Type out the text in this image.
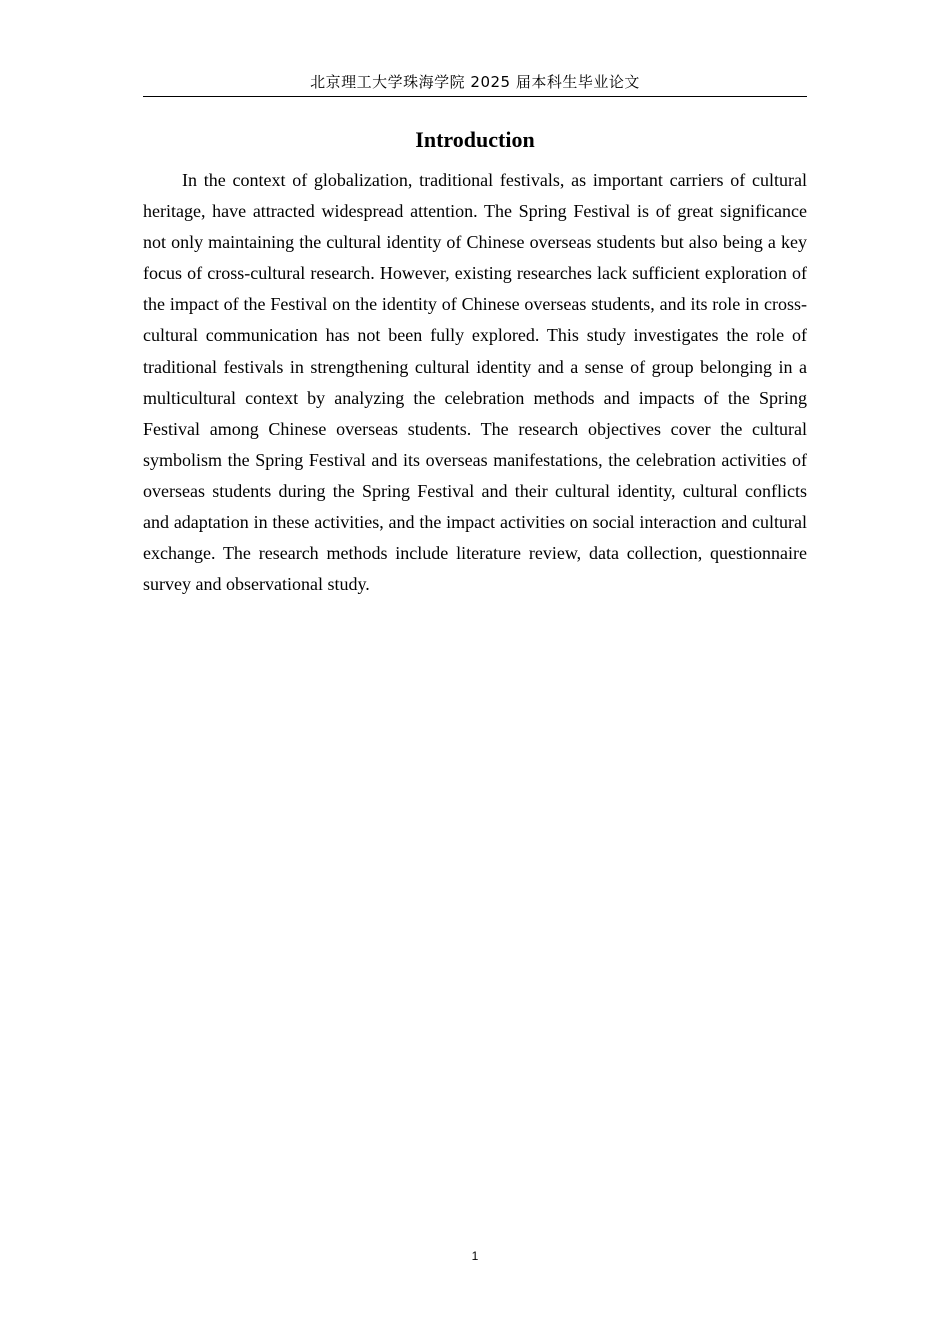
北京理工大学珠海学院 2025 届本科生毕业论文
Introduction

In the context of globalization, traditional festivals, as important carriers of cultural heritage, have attracted widespread attention. The Spring Festival is of great significance not only maintaining the cultural identity of Chinese overseas students but also being a key focus of cross-cultural research. However, existing researches lack sufficient exploration of the impact of the Festival on the identity of Chinese overseas students, and its role in cross-cultural communication has not been fully explored. This study investigates the role of traditional festivals in strengthening cultural identity and a sense of group belonging in a multicultural context by analyzing the celebration methods and impacts of the Spring Festival among Chinese overseas students. The research objectives cover the cultural symbolism the Spring Festival and its overseas manifestations, the celebration activities of overseas students during the Spring Festival and their cultural identity, cultural conflicts and adaptation in these activities, and the impact activities on social interaction and cultural exchange. The research methods include literature review, data collection, questionnaire survey and observational study.

1
